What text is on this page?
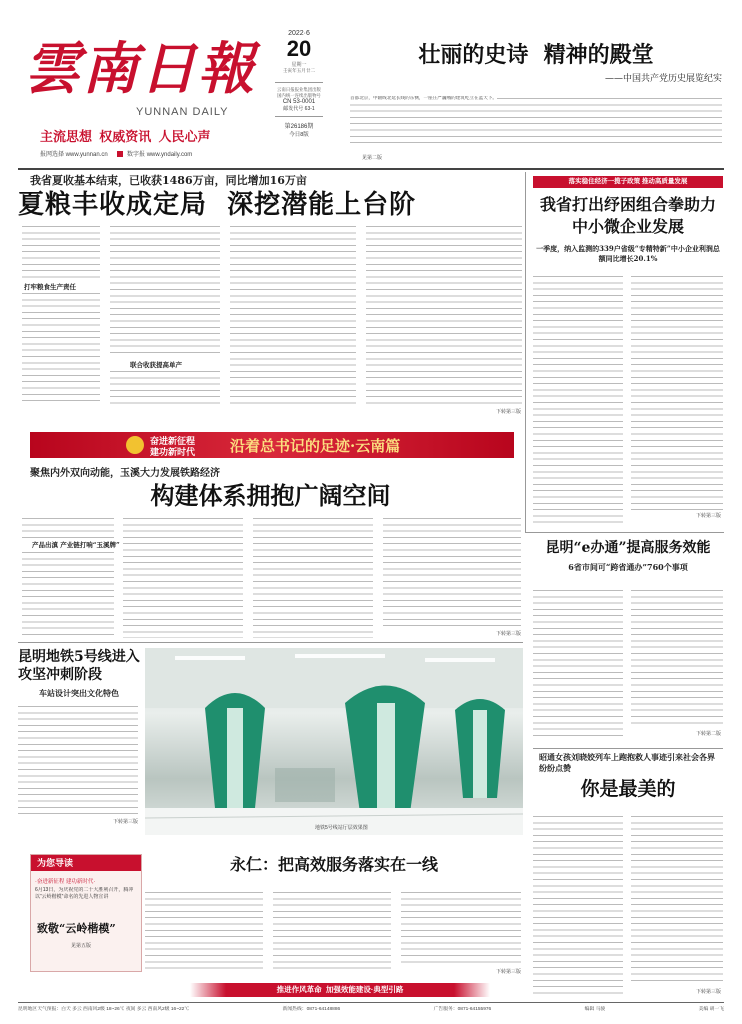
雲南日報
YUNNAN DAILY
主流思想  权威资讯  人民心声
报网选择 www.yunnan.cn	数字报 www.yndaily.com
2022·6
20
星期一
壬寅年五月廿二
云南日报报业集团出版
国内统一连续出版物号
CN 53-0001
邮发代号 63-1
第26186期
今日8版
壮丽的史诗  精神的殿堂
——中国共产党历史展览纪实
首都北京，中轴线北延长线的东侧，一座庄严巍峨的建筑屹立在蓝天下。
见第二版
我省夏收基本结束，已收获1486万亩，同比增加16万亩
夏粮丰收成定局  深挖潜能上台阶
打牢粮食生产责任
联合收获提高单产
下转第三版
落实稳住经济一揽子政策 推动高质量发展
我省打出纾困组合拳助力中小微企业发展
一季度，纳入监测的339户省级“专精特新”中小企业利润总额同比增长20.1%
下转第三版
奋进新征程
建功新时代 沿着总书记的足迹·云南篇
聚焦内外双向动能，玉溪大力发展铁路经济
构建体系拥抱广阔空间
产品出滇 产业链打响“玉溪牌”
下转第三版
昆明“e办通”提高服务效能
6省市间可“跨省通办”760个事项
下转第二版
昆明地铁5号线进入攻坚冲刺阶段
车站设计突出文化特色
下转第三版
地铁5号线站厅层效果图
昭通女孩刘晓姣列车上跑抱救人事迹引来社会各界纷纷点赞
你是最美的
下转第三版
为您导读
·奋进新征程 建功新时代·
6月13日，为庆祝党的二十大胜利召开，腾冲以“云岭楷模”命名的先进人物宣讲
致敬“云岭楷模”
见第五版
永仁：把高效服务落实在一线
下转第三版
推进作风革命  加强效能建设·典型引路
昆明地区天气预报：白天 多云 西南风2级 18~26℃ 夜间 多云 西南风2级 16~22℃	新闻热线：0871-64148886	广告服务：0871-64155976	编辑 马骏	美编 胡一飞
